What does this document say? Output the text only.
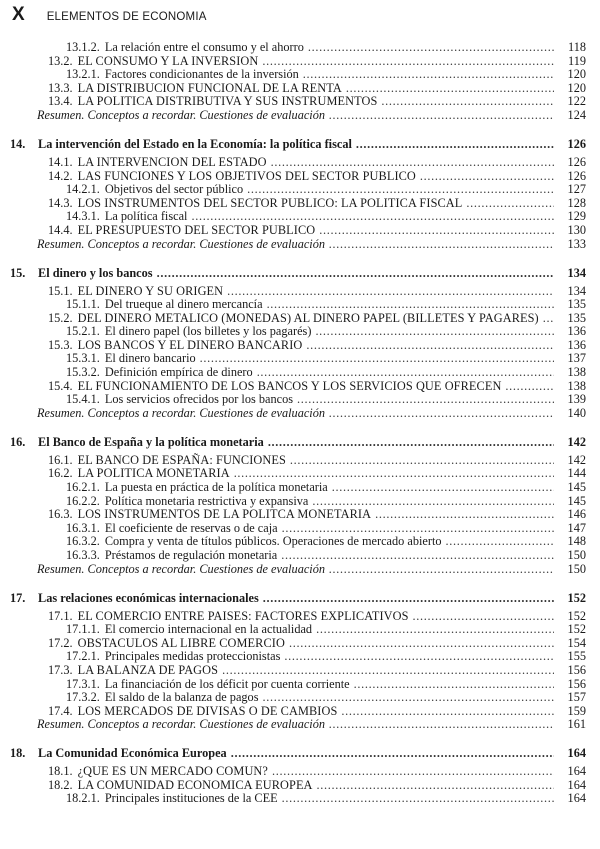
X ELEMENTOS DE ECONOMIA
13.1.2. La relación entre el consumo y el ahorro . . .	118
13.2. EL CONSUMO Y LA INVERSION . . .	119
13.2.1. Factores condicionantes de la inversión . . .	120
13.3. LA DISTRIBUCION FUNCIONAL DE LA RENTA . . .	120
13.4. LA POLITICA DISTRIBUTIVA Y SUS INSTRUMENTOS . . .	122
Resumen. Conceptos a recordar. Cuestiones de evaluación . . .	124
14.	La intervención del Estado en la Economía: la política fiscal . . .	126
14.1. LA INTERVENCION DEL ESTADO . . .	126
14.2. LAS FUNCIONES Y LOS OBJETIVOS DEL SECTOR PUBLICO . . .	126
14.2.1. Objetivos del sector público . . .	127
14.3. LOS INSTRUMENTOS DEL SECTOR PUBLICO: LA POLITICA FISCAL . . .	128
14.3.1. La política fiscal . . .	129
14.4. EL PRESUPUESTO DEL SECTOR PUBLICO . . .	130
Resumen. Conceptos a recordar. Cuestiones de evaluación . . .	133
15.	El dinero y los bancos . . .	134
15.1. EL DINERO Y SU ORIGEN . . .	134
15.1.1. Del trueque al dinero mercancía . . .	135
15.2. DEL DINERO METALICO (MONEDAS) AL DINERO PAPEL (BILLETES Y PAGARES) . . .	135
15.2.1. El dinero papel (los billetes y los pagarés) . . .	136
15.3. LOS BANCOS Y EL DINERO BANCARIO . . .	136
15.3.1. El dinero bancario . . .	137
15.3.2. Definición empírica de dinero . . .	138
15.4. EL FUNCIONAMIENTO DE LOS BANCOS Y LOS SERVICIOS QUE OFRECEN . . .	138
15.4.1. Los servicios ofrecidos por los bancos . . .	139
Resumen. Conceptos a recordar. Cuestiones de evaluación . . .	140
16.	El Banco de España y la política monetaria . . .	142
16.1. EL BANCO DE ESPAÑA: FUNCIONES . . .	142
16.2. LA POLITICA MONETARIA . . .	144
16.2.1. La puesta en práctica de la política monetaria . . .	145
16.2.2. Política monetaria restrictiva y expansiva . . .	145
16.3. LOS INSTRUMENTOS DE LA POLITCA MONETARIA . . .	146
16.3.1. El coeficiente de reservas o de caja . . .	147
16.3.2. Compra y venta de títulos públicos. Operaciones de mercado abierto . . .	148
16.3.3. Préstamos de regulación monetaria . . .	150
Resumen. Conceptos a recordar. Cuestiones de evaluación . . .	150
17.	Las relaciones económicas internacionales . . .	152
17.1. EL COMERCIO ENTRE PAISES: FACTORES EXPLICATIVOS . . .	152
17.1.1. El comercio internacional en la actualidad . . .	152
17.2. OBSTACULOS AL LIBRE COMERCIO . . .	154
17.2.1. Principales medidas proteccionistas . . .	155
17.3. LA BALANZA DE PAGOS . . .	156
17.3.1. La financiación de los déficit por cuenta corriente . . .	156
17.3.2. El saldo de la balanza de pagos . . .	157
17.4. LOS MERCADOS DE DIVISAS O DE CAMBIOS . . .	159
Resumen. Conceptos a recordar. Cuestiones de evaluación . . .	161
18.	La Comunidad Económica Europea . . .	164
18.1. ¿QUE ES UN MERCADO COMUN? . . .	164
18.2. LA COMUNIDAD ECONOMICA EUROPEA . . .	164
18.2.1. Principales instituciones de la CEE . . .	164
